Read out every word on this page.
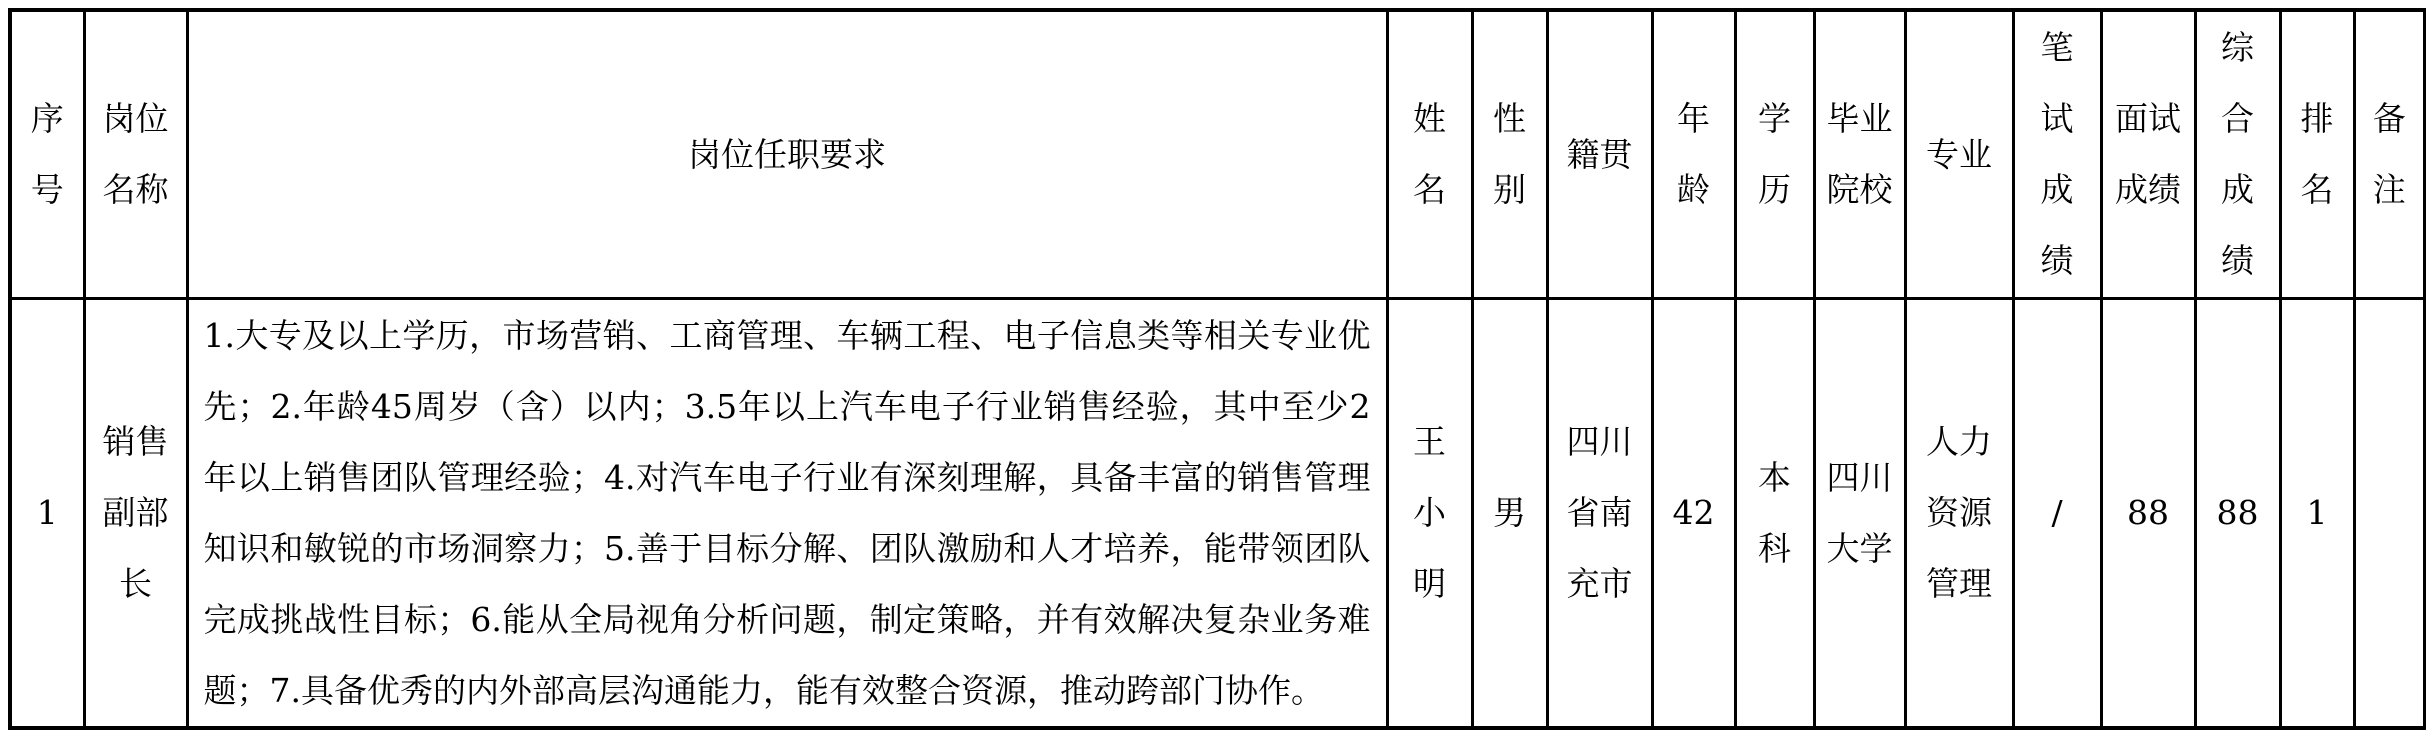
序号	岗位名称	岗位任职要求	姓名	性别	籍贯	年龄	学历	毕业院校	专业	笔试成绩	面试成绩	综合成绩	排名	备注
1	销售副部长	1.大专及以上学历，市场营销、工商管理、车辆工程、电子信息类等相关专业优先；2.年龄45周岁（含）以内；3.5年以上汽车电子行业销售经验，其中至少2年以上销售团队管理经验；4.对汽车电子行业有深刻理解，具备丰富的销售管理知识和敏锐的市场洞察力；5.善于目标分解、团队激励和人才培养，能带领团队完成挑战性目标；6.能从全局视角分析问题，制定策略，并有效解决复杂业务难题；7.具备优秀的内外部高层沟通能力，能有效整合资源，推动跨部门协作。	王小明	男	四川省南充市	42	本科	四川大学	人力资源管理	/	88	88	1	
